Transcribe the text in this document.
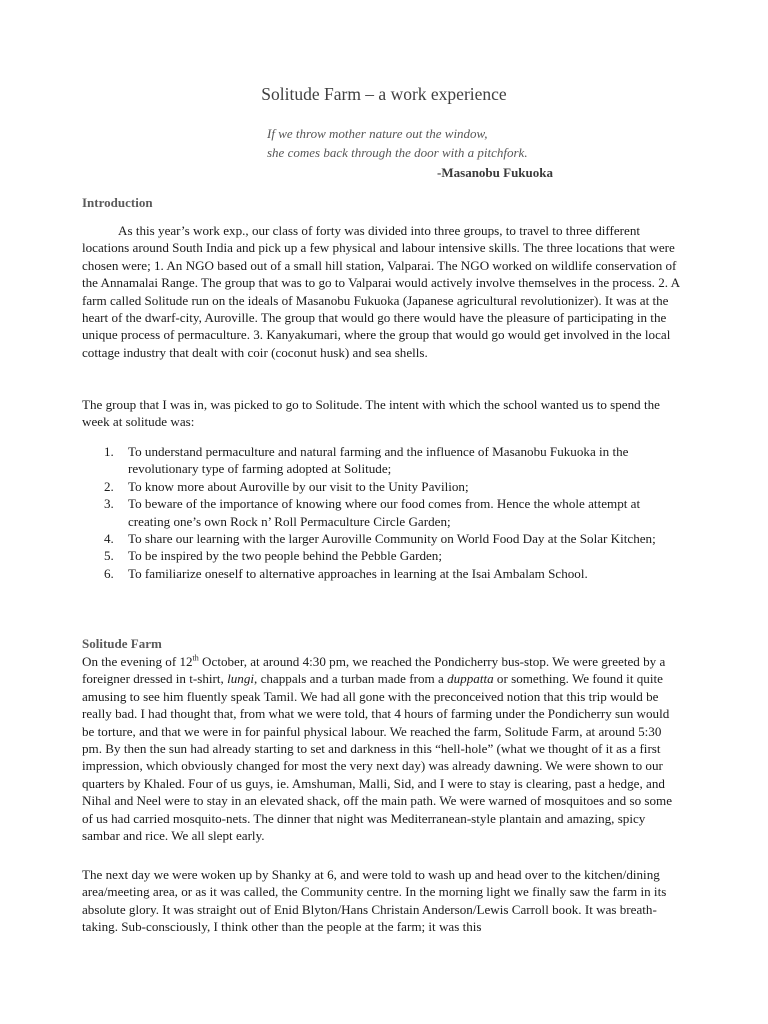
Solitude Farm – a work experience
If we throw mother nature out the window,
she comes back through the door with a pitchfork.
-Masanobu Fukuoka
Introduction

As this year’s work exp., our class of forty was divided into three groups, to travel to three different locations around South India and pick up a few physical and labour intensive skills. The three locations that were chosen were; 1. An NGO based out of a small hill station, Valparai. The NGO worked on wildlife conservation of the Annamalai Range. The group that was to go to Valparai would actively involve themselves in the process. 2. A farm called Solitude run on the ideals of Masanobu Fukuoka (Japanese agricultural revolutionizer). It was at the heart of the dwarf-city, Auroville. The group that would go there would have the pleasure of participating in the unique process of permaculture. 3. Kanyakumari, where the group that would go would get involved in the local cottage industry that dealt with coir (coconut husk) and sea shells.

The group that I was in, was picked to go to Solitude. The intent with which the school wanted us to spend the week at solitude was:

1. To understand permaculture and natural farming and the influence of Masanobu Fukuoka in the revolutionary type of farming adopted at Solitude;
2. To know more about Auroville by our visit to the Unity Pavilion;
3. To beware of the importance of knowing where our food comes from. Hence the whole attempt at creating one’s own Rock n’ Roll Permaculture Circle Garden;
4. To share our learning with the larger Auroville Community on World Food Day at the Solar Kitchen;
5. To be inspired by the two people behind the Pebble Garden;
6. To familiarize oneself to alternative approaches in learning at the Isai Ambalam School.
Solitude Farm

On the evening of 12th October, at around 4:30 pm, we reached the Pondicherry bus-stop. We were greeted by a foreigner dressed in t-shirt, lungi, chappals and a turban made from a duppatta or something. We found it quite amusing to see him fluently speak Tamil. We had all gone with the preconceived notion that this trip would be really bad. I had thought that, from what we were told, that 4 hours of farming under the Pondicherry sun would be torture, and that we were in for painful physical labour. We reached the farm, Solitude Farm, at around 5:30 pm. By then the sun had already starting to set and darkness in this “hell-hole” (what we thought of it as a first impression, which obviously changed for most the very next day) was already dawning. We were shown to our quarters by Khaled. Four of us guys, ie. Amshuman, Malli, Sid, and I were to stay is clearing, past a hedge, and Nihal and Neel were to stay in an elevated shack, off the main path. We were warned of mosquitoes and so some of us had carried mosquito-nets. The dinner that night was Mediterranean-style plantain and amazing, spicy sambar and rice. We all slept early.

The next day we were woken up by Shanky at 6, and were told to wash up and head over to the kitchen/dining area/meeting area, or as it was called, the Community centre. In the morning light we finally saw the farm in its absolute glory. It was straight out of Enid Blyton/Hans Christain Anderson/Lewis Carroll book. It was breath-taking. Sub-consciously, I think other than the people at the farm; it was this
